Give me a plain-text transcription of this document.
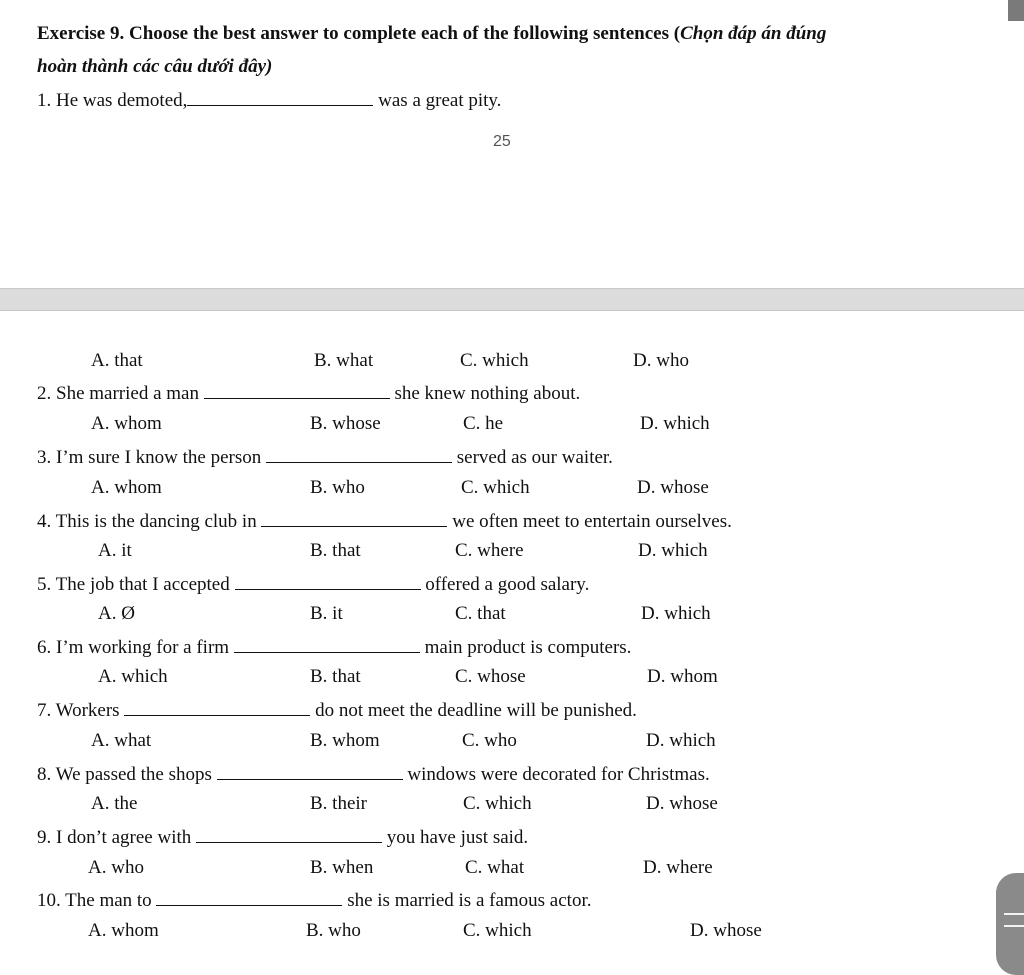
Exercise 9. Choose the best answer to complete each of the following sentences (Chọn đáp án đúng
hoàn thành các câu dưới đây)
1. He was demoted,	was a great pity.
25
A. that	B. what	C. which	D. who
2. She married a man	she knew nothing about.
A. whom	B. whose	C. he	D. which
3. I’m sure I know the person	served as our waiter.
A. whom	B. who	C. which	D. whose
4. This is the dancing club in	we often meet to entertain ourselves.
A. it	B. that	C. where	D. which
5. The job that I accepted	offered a good salary.
A. Ø	B. it	C. that	D. which
6. I’m working for a firm	main product is computers.
A. which	B. that	C. whose	D. whom
7. Workers	do not meet the deadline will be punished.
A. what	B. whom	C. who	D. which
8. We passed the shops	windows were decorated for Christmas.
A. the	B. their	C. which	D. whose
9. I don’t agree with	you have just said.
A. who	B. when	C. what	D. where
10. The man to	she is married is a famous actor.
A. whom	B. who	C. which	D. whose
